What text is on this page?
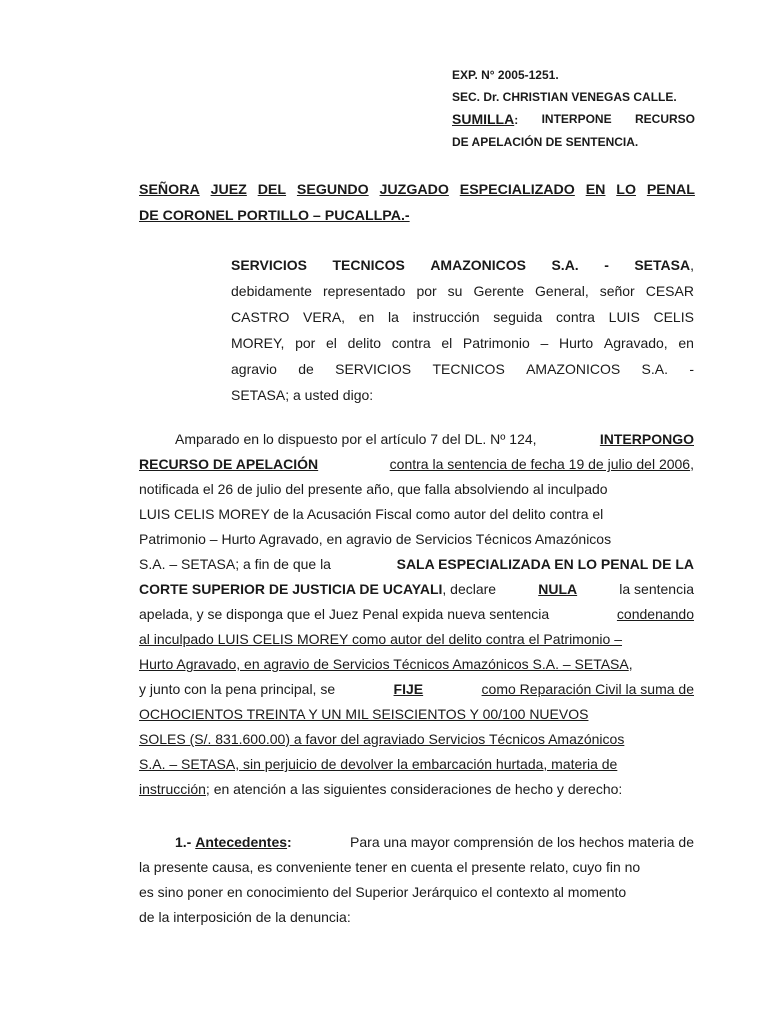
EXP. N° 2005-1251.
SEC. Dr. CHRISTIAN VENEGAS CALLE.
SUMILLA: INTERPONE RECURSO
DE APELACIÓN DE SENTENCIA.
SEÑORA JUEZ DEL SEGUNDO JUZGADO ESPECIALIZADO EN LO PENAL
DE CORONEL PORTILLO – PUCALLPA.-
SERVICIOS TECNICOS AMAZONICOS S.A. - SETASA,
debidamente representado por su Gerente General, señor CESAR
CASTRO VERA, en la instrucción seguida contra LUIS CELIS
MOREY, por el delito contra el Patrimonio – Hurto Agravado, en
agravio de SERVICIOS TECNICOS AMAZONICOS S.A. -
SETASA; a usted digo:
Amparado en lo dispuesto por el artículo 7 del DL. Nº 124,	INTERPONGO
RECURSO DE APELACIÓN	contra la sentencia de fecha 19 de julio del 2006,
notificada el 26 de julio del presente año, que falla absolviendo al inculpado
LUIS CELIS MOREY de la Acusación Fiscal como autor del delito contra el
Patrimonio – Hurto Agravado, en agravio de Servicios Técnicos Amazónicos
S.A. – SETASA; a fin de que la	SALA ESPECIALIZADA EN LO PENAL DE LA
CORTE SUPERIOR DE JUSTICIA DE UCAYALI, declare	NULA	la sentencia
apelada, y se disponga que el Juez Penal expida nueva sentencia	condenando
al inculpado LUIS CELIS MOREY como autor del delito contra el Patrimonio –
Hurto Agravado, en agravio de Servicios Técnicos Amazónicos S.A. – SETASA,
y junto con la pena principal, se	FIJE	como Reparación Civil la suma de
OCHOCIENTOS TREINTA Y UN MIL SEISCIENTOS Y 00/100 NUEVOS
SOLES (S/. 831.600.00) a favor del agraviado Servicios Técnicos Amazónicos
S.A. – SETASA, sin perjuicio de devolver la embarcación hurtada, materia de
instrucción; en atención a las siguientes consideraciones de hecho y derecho:
1.- Antecedentes:	Para una mayor comprensión de los hechos materia de
la presente causa, es conveniente tener en cuenta el presente relato, cuyo fin no
es sino poner en conocimiento del Superior Jerárquico el contexto al momento
de la interposición de la denuncia:
